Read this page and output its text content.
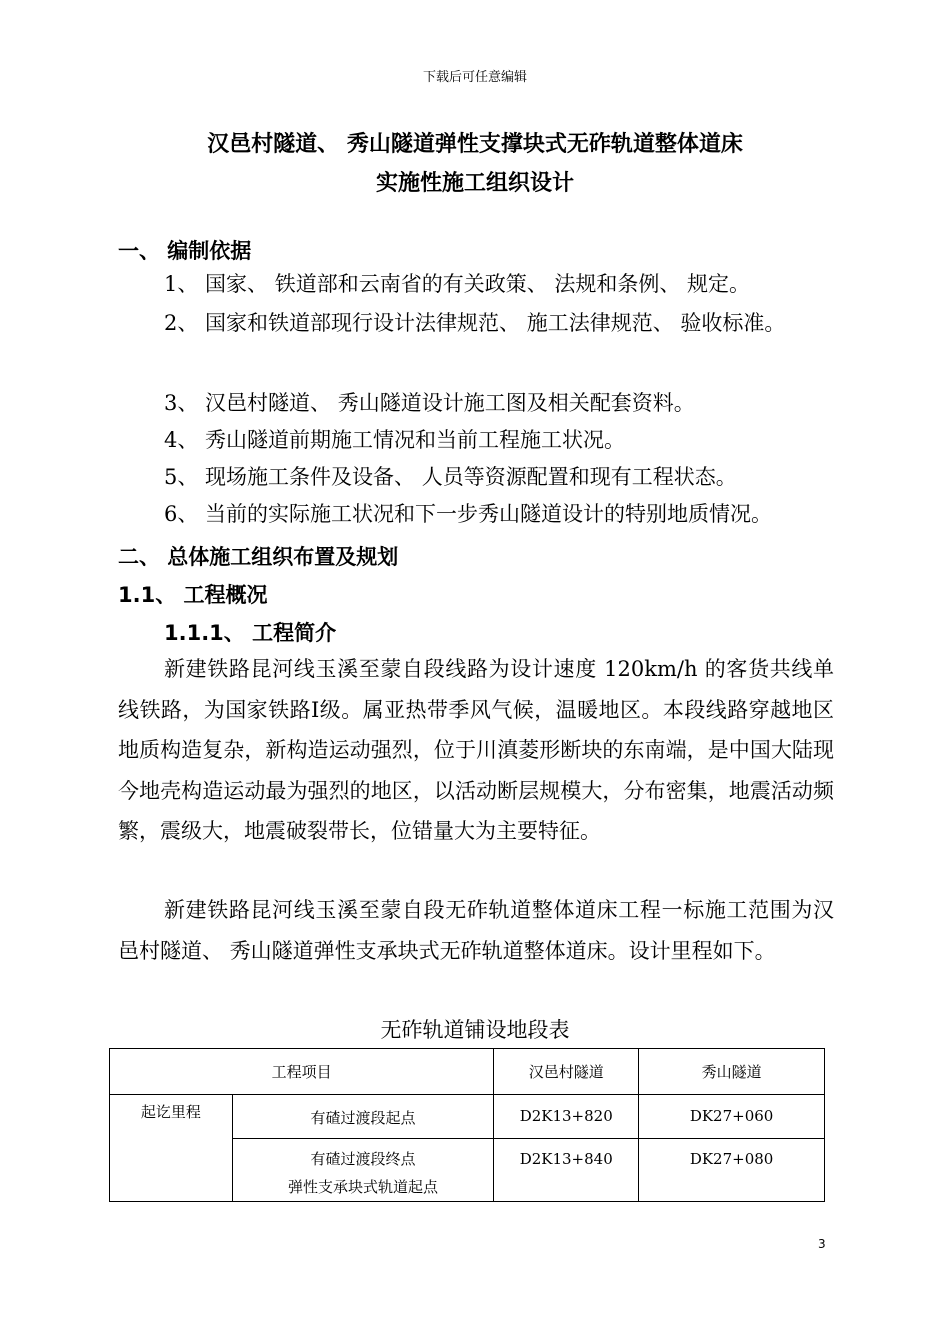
下载后可任意编辑
汉邑村隧道、 秀山隧道弹性支撑块式无砟轨道整体道床
实施性施工组织设计
一、 编制依据
1、 国家、 铁道部和云南省的有关政策、 法规和条例、 规定。
2、 国家和铁道部现行设计法律规范、 施工法律规范、 验收标准。
3、 汉邑村隧道、 秀山隧道设计施工图及相关配套资料。
4、 秀山隧道前期施工情况和当前工程施工状况。
5、 现场施工条件及设备、 人员等资源配置和现有工程状态。
6、 当前的实际施工状况和下一步秀山隧道设计的特别地质情况。
二、 总体施工组织布置及规划
1.1、 工程概况
1.1.1、 工程简介
新建铁路昆河线玉溪至蒙自段线路为设计速度 120km/h 的客货共线单线铁路，为国家铁路Ⅰ级。属亚热带季风气候，温暖地区。本段线路穿越地区地质构造复杂，新构造运动强烈，位于川滇菱形断块的东南端，是中国大陆现今地壳构造运动最为强烈的地区，以活动断层规模大，分布密集，地震活动频繁，震级大，地震破裂带长，位错量大为主要特征。
新建铁路昆河线玉溪至蒙自段无砟轨道整体道床工程一标施工范围为汉邑村隧道、 秀山隧道弹性支承块式无砟轨道整体道床。设计里程如下。
无砟轨道铺设地段表
工程项目		汉邑村隧道	秀山隧道
起讫里程	有碴过渡段起点	D2K13+820	DK27+060

	有碴过渡段终点
弹性支承块式轨道起点	D2K13+840	DK27+080
3
